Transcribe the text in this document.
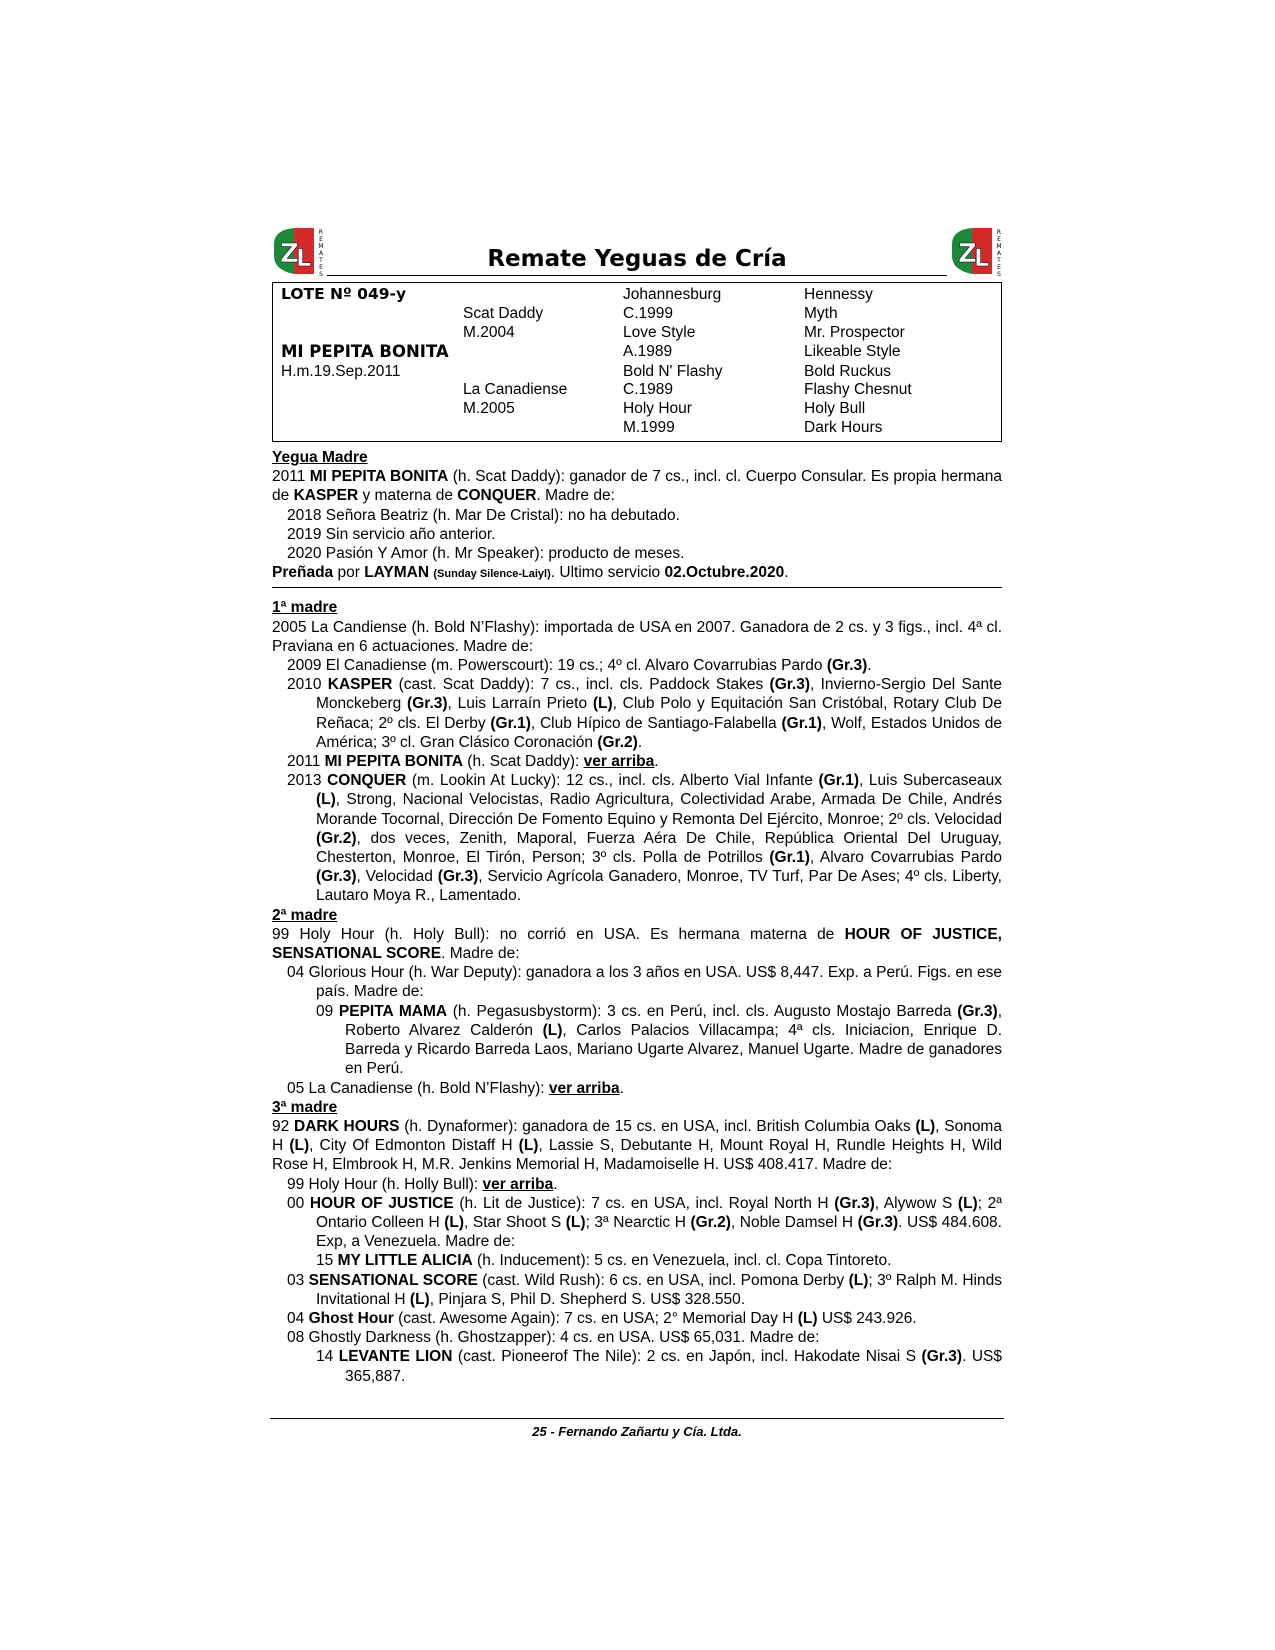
Z
L
R
E
M
A
T
E
S
Remate Yeguas de Cría	Z
L
R
E
M
A
T
E
S
LOTE Nº 049-y
MI PEPITA BONITA
H.m.19.Sep.2011
Scat Daddy
M.2004
La Canadiense
M.2005
Johannesburg
C.1999
Love Style
A.1989
Bold N' Flashy
C.1989
Holy Hour
M.1999
Hennessy
Myth
Mr. Prospector
Likeable Style
Bold Ruckus
Flashy Chesnut
Holy Bull
Dark Hours

Yegua Madre

2011 MI PEPITA BONITA (h. Scat Daddy): ganador de 7 cs., incl. cl. Cuerpo Consular. Es propia hermana de KASPER y materna de CONQUER. Madre de:

2018 Señora Beatriz (h. Mar De Cristal): no ha debutado.

2019 Sin servicio año anterior.

2020 Pasión Y Amor (h. Mr Speaker): producto de meses.

Preñada por LAYMAN (Sunday Silence-Laiyl). Ultimo servicio 02.Octubre.2020.

1ª madre

2005 La Candiense (h. Bold N’Flashy): importada de USA en 2007. Ganadora de 2 cs. y 3 figs., incl. 4ª cl. Praviana en 6 actuaciones. Madre de:

2009 El Canadiense (m. Powerscourt): 19 cs.; 4º cl. Alvaro Covarrubias Pardo (Gr.3).

2010 KASPER (cast. Scat Daddy): 7 cs., incl. cls. Paddock Stakes (Gr.3), Invierno-Sergio Del Sante Monckeberg (Gr.3), Luis Larraín Prieto (L), Club Polo y Equitación San Cristóbal, Rotary Club De Reñaca; 2º cls. El Derby (Gr.1), Club Hípico de Santiago-Falabella (Gr.1), Wolf, Estados Unidos de América; 3º cl. Gran Clásico Coronación (Gr.2).

2011 MI PEPITA BONITA (h. Scat Daddy): ver arriba.

2013 CONQUER (m. Lookin At Lucky): 12 cs., incl. cls. Alberto Vial Infante (Gr.1), Luis Subercaseaux (L), Strong, Nacional Velocistas, Radio Agricultura, Colectividad Arabe, Armada De Chile, Andrés Morande Tocornal, Dirección De Fomento Equino y Remonta Del Ejército, Monroe; 2º cls. Velocidad (Gr.2), dos veces, Zenith, Maporal, Fuerza Aéra De Chile, República Oriental Del Uruguay, Chesterton, Monroe, El Tirón, Person; 3º cls. Polla de Potrillos (Gr.1), Alvaro Covarrubias Pardo (Gr.3), Velocidad (Gr.3), Servicio Agrícola Ganadero, Monroe, TV Turf, Par De Ases; 4º cls. Liberty, Lautaro Moya R., Lamentado.

2ª madre

99 Holy Hour (h. Holy Bull): no corrió en USA. Es hermana materna de HOUR OF JUSTICE, SENSATIONAL SCORE. Madre de:

04 Glorious Hour (h. War Deputy): ganadora a los 3 años en USA. US$ 8,447. Exp. a Perú. Figs. en ese país. Madre de:

09 PEPITA MAMA (h. Pegasusbystorm): 3 cs. en Perú, incl. cls. Augusto Mostajo Barreda (Gr.3), Roberto Alvarez Calderón (L), Carlos Palacios Villacampa; 4ª cls. Iniciacion, Enrique D. Barreda y Ricardo Barreda Laos, Mariano Ugarte Alvarez, Manuel Ugarte. Madre de ganadores en Perú.

05 La Canadiense (h. Bold N’Flashy): ver arriba.

3ª madre

92 DARK HOURS (h. Dynaformer): ganadora de 15 cs. en USA, incl. British Columbia Oaks (L), Sonoma H (L), City Of Edmonton Distaff H (L), Lassie S, Debutante H, Mount Royal H, Rundle Heights H, Wild Rose H, Elmbrook H, M.R. Jenkins Memorial H, Madamoiselle H. US$ 408.417. Madre de:

99 Holy Hour (h. Holly Bull): ver arriba.

00 HOUR OF JUSTICE (h. Lit de Justice): 7 cs. en USA, incl. Royal North H (Gr.3), Alywow S (L); 2ª Ontario Colleen H (L), Star Shoot S (L); 3ª Nearctic H (Gr.2), Noble Damsel H (Gr.3). US$ 484.608. Exp, a Venezuela. Madre de:

15 MY LITTLE ALICIA (h. Inducement): 5 cs. en Venezuela, incl. cl. Copa Tintoreto.

03 SENSATIONAL SCORE (cast. Wild Rush): 6 cs. en USA, incl. Pomona Derby (L); 3º Ralph M. Hinds Invitational H (L), Pinjara S, Phil D. Shepherd S. US$ 328.550.

04 Ghost Hour (cast. Awesome Again): 7 cs. en USA; 2° Memorial Day H (L) US$ 243.926.

08 Ghostly Darkness (h. Ghostzapper): 4 cs. en USA. US$ 65,031. Madre de:

14 LEVANTE LION (cast. Pioneerof The Nile): 2 cs. en Japón, incl. Hakodate Nisai S (Gr.3). US$ 365,887.

25 - Fernando Zañartu y Cía. Ltda.
